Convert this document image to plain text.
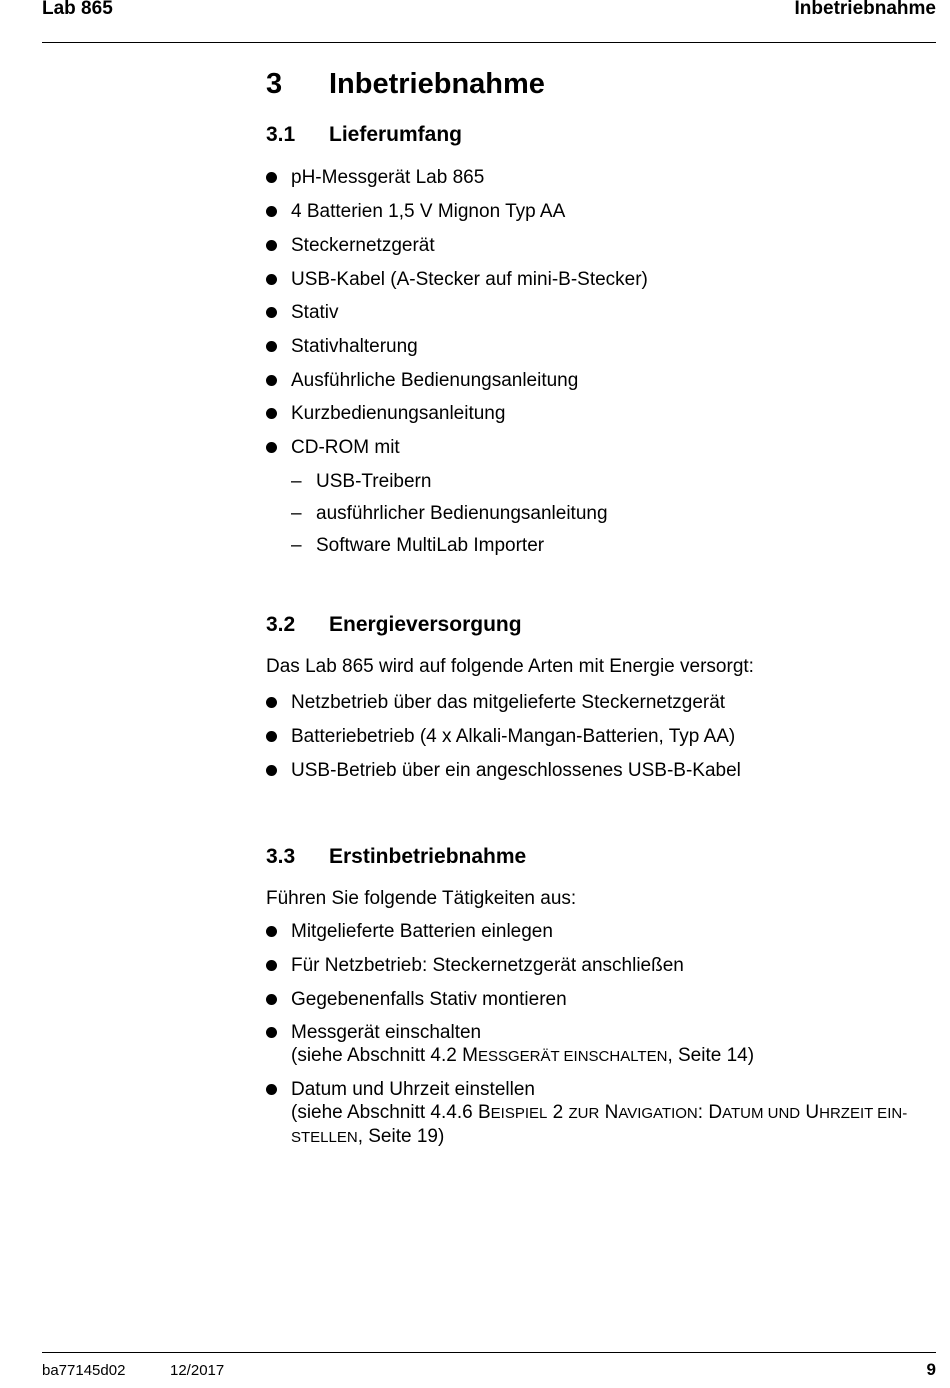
Lab 865	Inbetriebnahme
3 Inbetriebnahme
3.1 Lieferumfang
pH-Messgerät Lab 865
4 Batterien 1,5 V Mignon Typ AA
Steckernetzgerät
USB-Kabel (A-Stecker auf mini-B-Stecker)
Stativ
Stativhalterung
Ausführliche Bedienungsanleitung
Kurzbedienungsanleitung
CD-ROM mit
– USB-Treibern
– ausführlicher Bedienungsanleitung
– Software MultiLab Importer
3.2 Energieversorgung
Das Lab 865 wird auf folgende Arten mit Energie versorgt:
Netzbetrieb über das mitgelieferte Steckernetzgerät
Batteriebetrieb (4 x Alkali-Mangan-Batterien, Typ AA)
USB-Betrieb über ein angeschlossenes USB-B-Kabel
3.3 Erstinbetriebnahme
Führen Sie folgende Tätigkeiten aus:
Mitgelieferte Batterien einlegen
Für Netzbetrieb: Steckernetzgerät anschließen
Gegebenenfalls Stativ montieren
Messgerät einschalten
(siehe Abschnitt 4.2 MESSGERÄT EINSCHALTEN, Seite 14)
Datum und Uhrzeit einstellen
(siehe Abschnitt 4.4.6 BEISPIEL 2 ZUR NAVIGATION: DATUM UND UHRZEIT EIN-
STELLEN, Seite 19)
ba77145d02	12/2017	9
